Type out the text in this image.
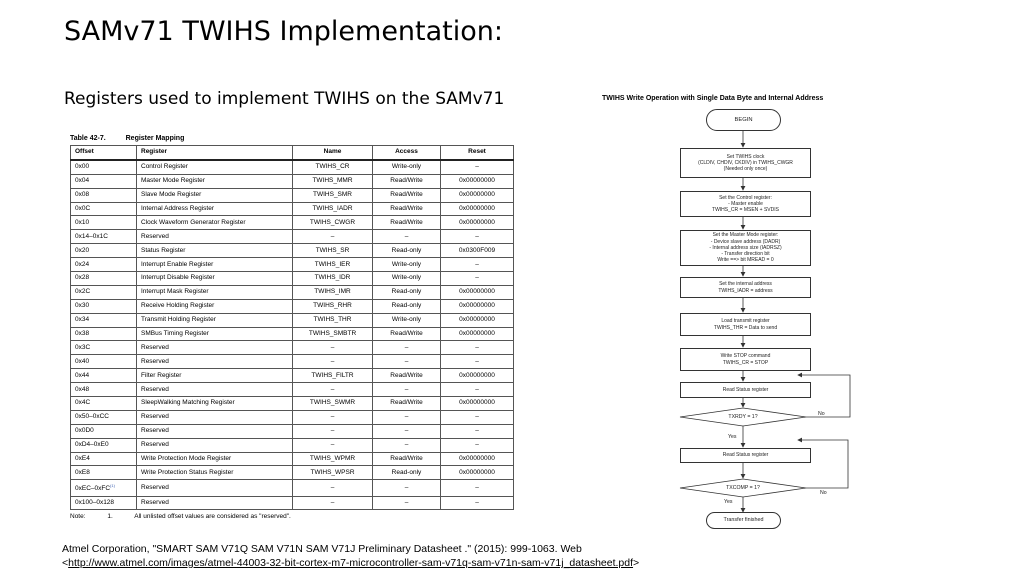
SAMv71 TWIHS Implementation:
Registers used to implement TWIHS on the SAMv71
Table 42-7.	Register Mapping
Offset	Register	Name	Access	Reset
0x00	Control Register	TWIHS_CR	Write-only	–
0x04	Master Mode Register	TWIHS_MMR	Read/Write	0x00000000
0x08	Slave Mode Register	TWIHS_SMR	Read/Write	0x00000000
0x0C	Internal Address Register	TWIHS_IADR	Read/Write	0x00000000
0x10	Clock Waveform Generator Register	TWIHS_CWGR	Read/Write	0x00000000
0x14–0x1C	Reserved	–	–	–
0x20	Status Register	TWIHS_SR	Read-only	0x0300F009
0x24	Interrupt Enable Register	TWIHS_IER	Write-only	–
0x28	Interrupt Disable Register	TWIHS_IDR	Write-only	–
0x2C	Interrupt Mask Register	TWIHS_IMR	Read-only	0x00000000
0x30	Receive Holding Register	TWIHS_RHR	Read-only	0x00000000
0x34	Transmit Holding Register	TWIHS_THR	Write-only	0x00000000
0x38	SMBus Timing Register	TWIHS_SMBTR	Read/Write	0x00000000
0x3C	Reserved	–	–	–
0x40	Reserved	–	–	–
0x44	Filter Register	TWIHS_FILTR	Read/Write	0x00000000
0x48	Reserved	–	–	–
0x4C	SleepWalking Matching Register	TWIHS_SWMR	Read/Write	0x00000000
0x50–0xCC	Reserved	–	–	–
0x0D0	Reserved	–	–	–
0xD4–0xE0	Reserved	–	–	–
0xE4	Write Protection Mode Register	TWIHS_WPMR	Read/Write	0x00000000
0xE8	Write Protection Status Register	TWIHS_WPSR	Read-only	0x00000000
0xEC–0xFC$^{(1)}$	Reserved	–	–	–
0x100–0x128	Reserved	–	–	–
Note:	1.	All unlisted offset values are considered as "reserved".
TWIHS Write Operation with Single Data Byte and Internal Address
BEGIN
Set TWIHS clock
(CLDIV, CHDIV, CKDIV) in TWIHS_CWGR
(Needed only once)
Set the Control register:
- Master enable
TWIHS_CR = MSEN + SVDIS
Set the Master Mode register:
- Device slave address (DADR)
- Internal address size (IADRSZ)
- Transfer direction bit
Write ==> bit MREAD = 0
Set the internal address
TWIHS_IADR = address
Load transmit register
TWIHS_THR = Data to send
Write STOP command
TWIHS_CR = STOP
Read Status register
TXRDY = 1?	No
Yes
Read Status register
TXCOMP = 1?
No
Yes
Transfer finished
Atmel Corporation, "SMART SAM V71Q SAM V71N SAM V71J Preliminary Datasheet ." (2015): 999-1063. Web
<http://www.atmel.com/images/atmel-44003-32-bit-cortex-m7-microcontroller-sam-v71q-sam-v71n-sam-v71j_datasheet.pdf>
